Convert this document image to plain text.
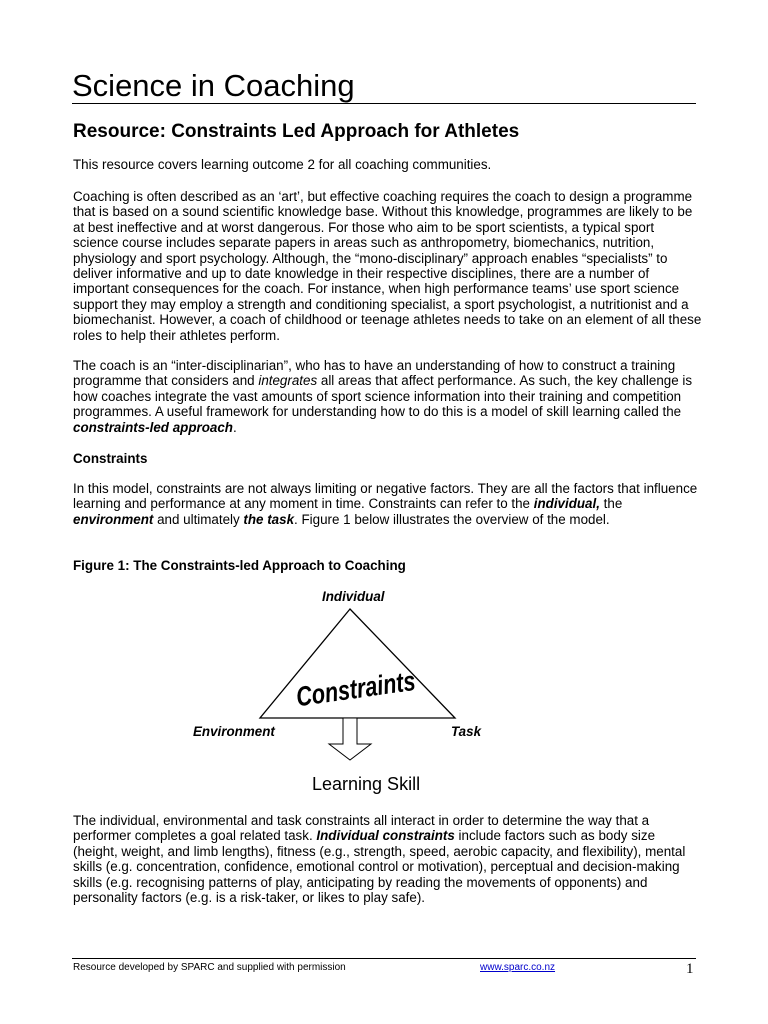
Science in Coaching
Resource: Constraints Led Approach for Athletes

This resource covers learning outcome 2 for all coaching communities.

Coaching is often described as an ‘art’, but effective coaching requires the coach to design a programme that is based on a sound scientific knowledge base. Without this knowledge, programmes are likely to be at best ineffective and at worst dangerous. For those who aim to be sport scientists, a typical sport science course includes separate papers in areas such as anthropometry, biomechanics, nutrition, physiology and sport psychology. Although, the “mono-disciplinary” approach enables “specialists” to deliver informative and up to date knowledge in their respective disciplines, there are a number of important consequences for the coach. For instance, when high performance teams’ use sport science support they may employ a strength and conditioning specialist, a sport psychologist, a nutritionist and a biomechanist. However, a coach of childhood or teenage athletes needs to take on an element of all these roles to help their athletes perform.

The coach is an “inter-disciplinarian”, who has to have an understanding of how to construct a training programme that considers and integrates all areas that affect performance. As such, the key challenge is how coaches integrate the vast amounts of sport science information into their training and competition programmes. A useful framework for understanding how to do this is a model of skill learning called the constraints-led approach.

Constraints

In this model, constraints are not always limiting or negative factors. They are all the factors that influence learning and performance at any moment in time. Constraints can refer to the individual, the environment and ultimately the task. Figure 1 below illustrates the overview of the model.

Figure 1: The Constraints-led Approach to Coaching

Individual
Constraints
Environment	Task
Learning Skill

The individual, environmental and task constraints all interact in order to determine the way that a performer completes a goal related task. Individual constraints include factors such as body size (height, weight, and limb lengths), fitness (e.g., strength, speed, aerobic capacity, and flexibility), mental skills (e.g. concentration, confidence, emotional control or motivation), perceptual and decision-making skills (e.g. recognising patterns of play, anticipating by reading the movements of opponents) and personality factors (e.g. is a risk-taker, or likes to play safe).

Resource developed by SPARC and supplied with permission	www.sparc.co.nz	1
